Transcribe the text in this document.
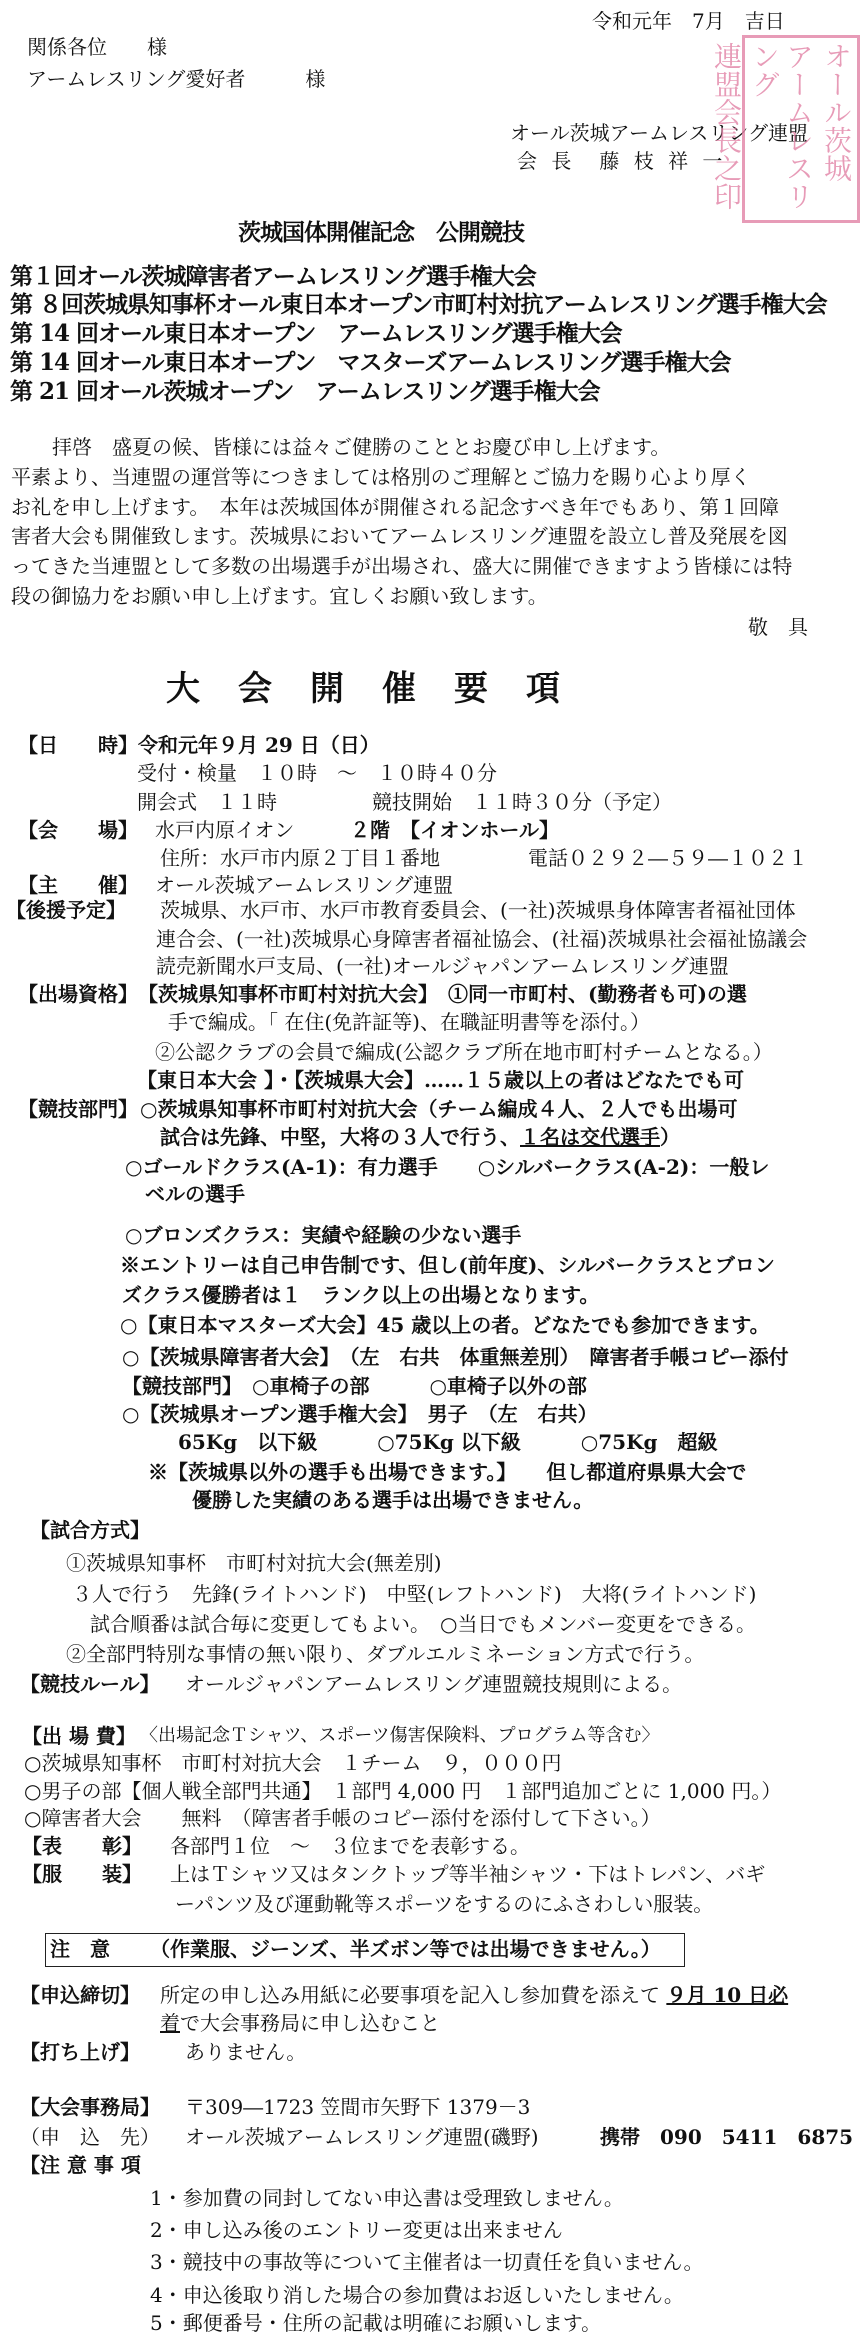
令和元年　7月　吉日
関係各位　　様
アームレスリング愛好者　　　様
オール茨城アームレスリング連盟
会 長　藤 枝 祥 一	オール茨城
アームレスリング
連盟会長之印
茨城国体開催記念　公開競技
第１回オール茨城障害者アームレスリング選手権大会
第 ８回茨城県知事杯オール東日本オープン市町村対抗アームレスリング選手権大会
第 14 回オール東日本オープン　アームレスリング選手権大会
第 14 回オール東日本オープン　マスターズアームレスリング選手権大会
第 21 回オール茨城オープン　アームレスリング選手権大会
拝啓　盛夏の候、皆様には益々ご健勝のこととお慶び申し上げます。
平素より、当連盟の運営等につきましては格別のご理解とご協力を賜り心より厚く
お礼を申し上げます。　本年は茨城国体が開催される記念すべき年でもあり、第１回障
害者大会も開催致します。茨城県においてアームレスリング連盟を設立し普及発展を図
ってきた当連盟として多数の出場選手が出場され、盛大に開催できますよう皆様には特
段の御協力をお願い申し上げます。宜しくお願い致します。
敬　具
大会開催要項
【日　　時】 令和元年９月 29 日（日）
受付・検量　１０時　～　１０時４０分
開会式　１１時	競技開始　１１時３０分（予定）
【会　　場】 水戸内原イオン	２階　【イオンホール】
住所：水戸市内原２丁目１番地	電話０２９２―５９―１０２１
【主　　催】 オール茨城アームレスリング連盟
【後援予定】 茨城県、水戸市、水戸市教育委員会、(一社)茨城県身体障害者福祉団体
連合会、(一社)茨城県心身障害者福祉協会、(社福)茨城県社会福祉協議会
読売新聞水戸支局、(一社)オールジャパンアームレスリング連盟
【出場資格】 【茨城県知事杯市町村対抗大会】　①同一市町村、(勤務者も可)の選
手で編成。「 在住(免許証等)、在職証明書等を添付。）
②公認クラブの会員で編成(公認クラブ所在地市町村チームとなる。）
【東日本大会 】・【茨城県大会】……１５歳以上の者はどなたでも可
【競技部門】 ○茨城県知事杯市町村対抗大会（チーム編成４人、２人でも出場可
試合は先鋒、中堅，大将の３人で行う、１名は交代選手）
○ゴールドクラス(A-1)：有力選手　　○シルバークラス(A-2)：一般レ
ベルの選手
○ブロンズクラス：実績や経験の少ない選手
※エントリーは自己申告制です、但し(前年度)、シルバークラスとブロン
ズクラス優勝者は１　ランク以上の出場となります。
○【東日本マスターズ大会】45 歳以上の者。どなたでも参加できます。
○【茨城県障害者大会】　（左　右共　体重無差別）　障害者手帳コピー添付
【競技部門】　○車椅子の部　　　○車椅子以外の部
○【茨城県オープン選手権大会】　男子　（左　右共）
65Kg　以下級　　　○75Kg 以下級　　　○75Kg　超級
※【茨城県以外の選手も出場できます。】　　但し都道府県県大会で
優勝した実績のある選手は出場できません。
【試合方式】
①茨城県知事杯　市町村対抗大会(無差別)
３人で行う　先鋒(ライトハンド)　中堅(レフトハンド)　大将(ライトハンド)
試合順番は試合毎に変更してもよい。　○当日でもメンバー変更をできる。
②全部門特別な事情の無い限り、ダブルエルミネーション方式で行う。
【競技ルール】 オールジャパンアームレスリング連盟競技規則による。
【出 場 費】 〈出場記念Ｔシャツ、スポーツ傷害保険料、プログラム等含む〉
○茨城県知事杯　市町村対抗大会　１チーム　９，０００円
○男子の部【個人戦全部門共通】　１部門 4,000 円　１部門追加ごとに 1,000 円。）
○障害者大会　　無料　（障害者手帳のコピー添付を添付して下さい。）
【表　　彰】 各部門１位　～　３位までを表彰する。
【服　　装】 上はＴシャツ又はタンクトップ等半袖シャツ・下はトレパン、バギ
ーパンツ及び運動靴等スポーツをするのにふさわしい服装。
注　意 （作業服、ジーンズ、半ズボン等では出場できません。）
【申込締切】 所定の申し込み用紙に必要事項を記入し参加費を添えて ９月 10 日必
着で大会事務局に申し込むこと
【打ち上げ】 ありません。
【大会事務局】 〒309―1723 笠間市矢野下 1379－3
（申　込　先） オール茨城アームレスリング連盟(磯野)	携帯　090　5411　6875
【注 意 事 項
1・参加費の同封してない申込書は受理致しません。
2・申し込み後のエントリー変更は出来ません
3・競技中の事故等について主催者は一切責任を負いません。
4・申込後取り消した場合の参加費はお返しいたしません。
5・郵便番号・住所の記載は明確にお願いします。
